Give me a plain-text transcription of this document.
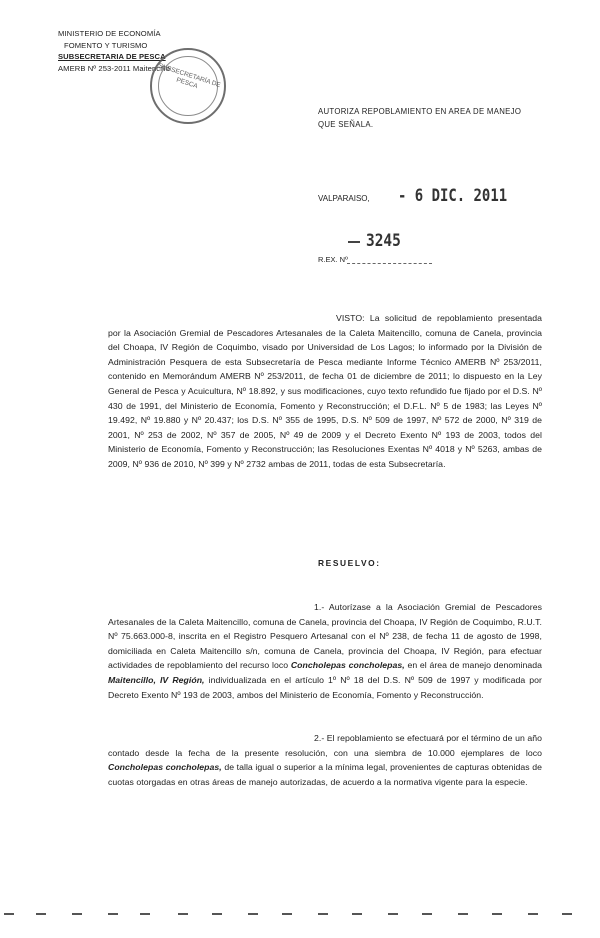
MINISTERIO DE ECONOMÍA
FOMENTO Y TURISMO
SUBSECRETARIA DE PESCA
AMERB Nº 253-2011 Maitencillo
SUBSECRETARÍA DE PESCA
AUTORIZA REPOBLAMIENTO EN AREA DE MANEJO
QUE SEÑALA.
VALPARAISO, - 6 DIC. 2011
3245
R.EX. Nº
VISTO: La solicitud de repoblamiento presentada por la Asociación Gremial de Pescadores Artesanales de la Caleta Maitencillo, comuna de Canela, provincia del Choapa, IV Región de Coquimbo, visado por Universidad de Los Lagos; lo informado por la División de Administración Pesquera de esta Subsecretaría de Pesca mediante Informe Técnico AMERB Nº 253/2011, contenido en Memorándum AMERB Nº 253/2011, de fecha 01 de diciembre de 2011; lo dispuesto en la Ley General de Pesca y Acuicultura, Nº 18.892, y sus modificaciones, cuyo texto refundido fue fijado por el D.S. Nº 430 de 1991, del Ministerio de Economía, Fomento y Reconstrucción; el D.F.L. Nº 5 de 1983; las Leyes Nº 19.492, Nº 19.880 y Nº 20.437; los D.S. Nº 355 de 1995, D.S. Nº 509 de 1997, Nº 572 de 2000, Nº 319 de 2001, Nº 253 de 2002, Nº 357 de 2005, Nº 49 de 2009 y el Decreto Exento Nº 193 de 2003, todos del Ministerio de Economía, Fomento y Reconstrucción; las Resoluciones Exentas Nº 4018 y Nº 5263, ambas de 2009, Nº 936 de 2010, Nº 399 y Nº 2732 ambas de 2011, todas de esta Subsecretaría.
RESUELVO:
1.- Autorízase a la Asociación Gremial de Pescadores Artesanales de la Caleta Maitencillo, comuna de Canela, provincia del Choapa, IV Región de Coquimbo, R.U.T. Nº 75.663.000-8, inscrita en el Registro Pesquero Artesanal con el Nº 238, de fecha 11 de agosto de 1998, domiciliada en Caleta Maitencillo s/n, comuna de Canela, provincia del Choapa, IV Región, para efectuar actividades de repoblamiento del recurso loco Concholepas concholepas, en el área de manejo denominada Maitencillo, IV Región, individualizada en el artículo 1º Nº 18 del D.S. Nº 509 de 1997 y modificada por Decreto Exento Nº 193 de 2003, ambos del Ministerio de Economía, Fomento y Reconstrucción.
2.- El repoblamiento se efectuará por el término de un año contado desde la fecha de la presente resolución, con una siembra de 10.000 ejemplares de loco Concholepas concholepas, de talla igual o superior a la mínima legal, provenientes de capturas obtenidas de cuotas otorgadas en otras áreas de manejo autorizadas, de acuerdo a la normativa vigente para la especie.
